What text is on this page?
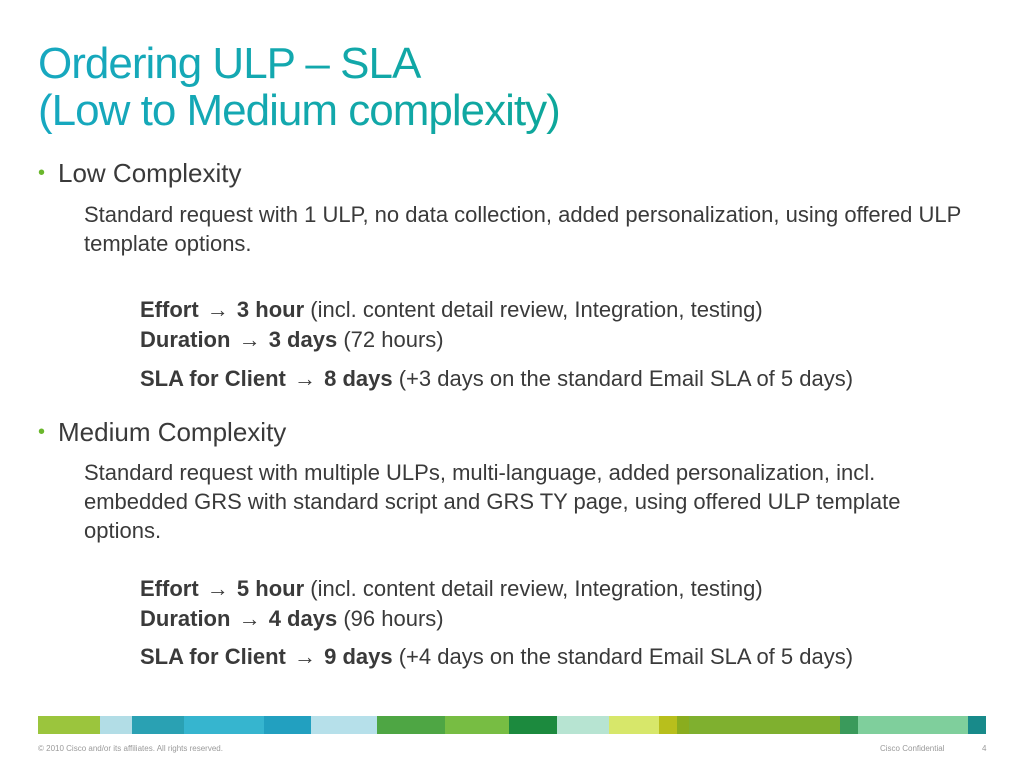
Ordering ULP – SLA
(Low to Medium complexity)
• Low Complexity
Standard request with 1 ULP, no data collection, added personalization, using offered ULP template options.
Effort → 3 hour (incl. content detail review, Integration, testing)
Duration → 3 days (72 hours)
SLA for Client → 8 days (+3 days on the standard Email SLA of 5 days)
• Medium Complexity
Standard request with multiple ULPs, multi-language, added personalization, incl. embedded GRS with standard script and GRS TY page, using offered ULP template options.
Effort → 5 hour (incl. content detail review, Integration, testing)
Duration → 4 days (96 hours)
SLA for Client → 9 days (+4 days on the standard Email SLA of 5 days)
© 2010 Cisco and/or its affiliates. All rights reserved.	Cisco Confidential	4
